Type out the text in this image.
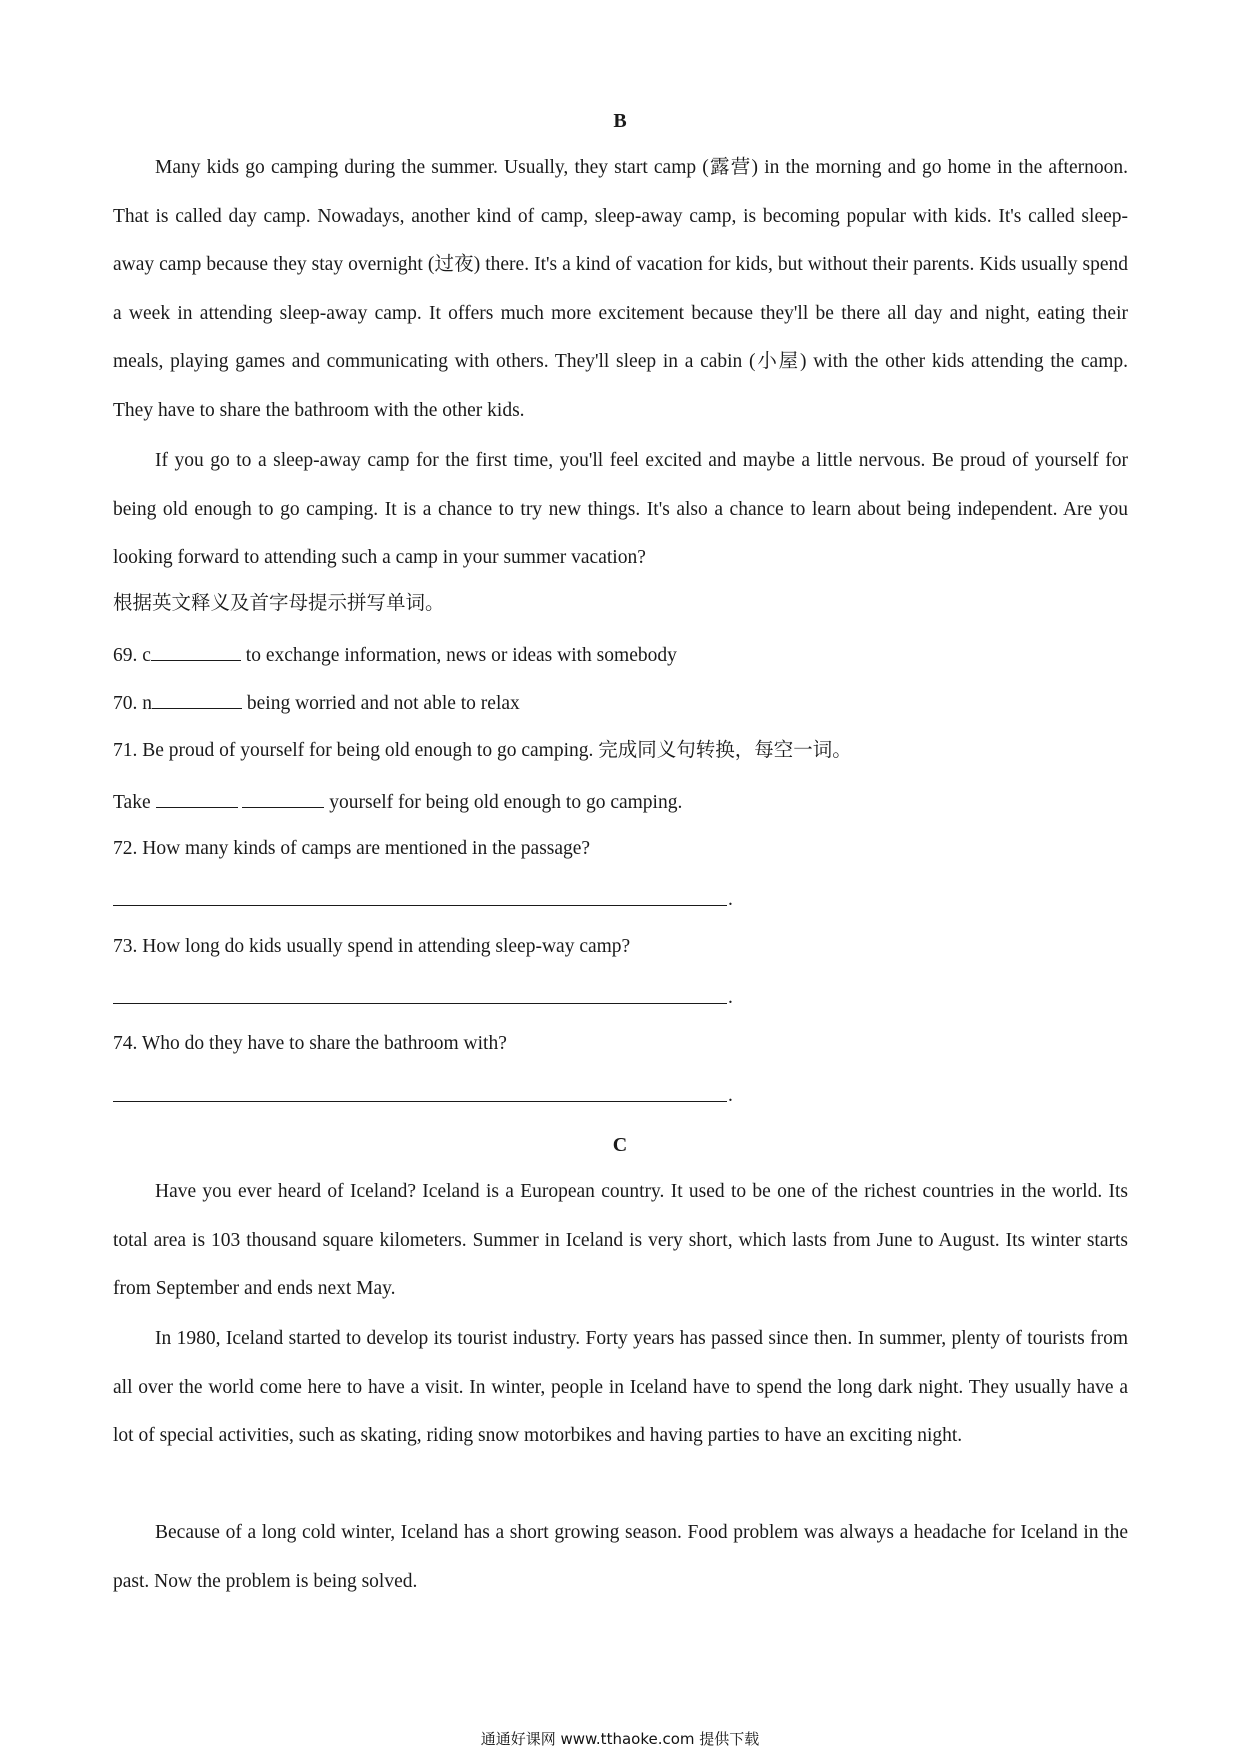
B

Many kids go camping during the summer. Usually, they start camp (露营) in the morning and go home in the afternoon. That is called day camp. Nowadays, another kind of camp, sleep-away camp, is becoming popular with kids. It's called sleep-away camp because they stay overnight (过夜) there. It's a kind of vacation for kids, but without their parents. Kids usually spend a week in attending sleep-away camp. It offers much more excitement because they'll be there all day and night, eating their meals, playing games and communicating with others. They'll sleep in a cabin (小屋) with the other kids attending the camp. They have to share the bathroom with the other kids.

If you go to a sleep-away camp for the first time, you'll feel excited and maybe a little nervous. Be proud of yourself for being old enough to go camping. It is a chance to try new things. It's also a chance to learn about being independent. Are you looking forward to attending such a camp in your summer vacation?

根据英文释义及首字母提示拼写单词。
69. c	to exchange information, news or ideas with somebody
70. n	being worried and not able to relax
71. Be proud of yourself for being old enough to go camping. 完成同义句转换，每空一词。
Take	yourself for being old enough to go camping.
72. How many kinds of camps are mentioned in the passage?
.
73. How long do kids usually spend in attending sleep-way camp?
.
74. Who do they have to share the bathroom with?
.
C

Have you ever heard of Iceland? Iceland is a European country. It used to be one of the richest countries in the world. Its total area is 103 thousand square kilometers. Summer in Iceland is very short, which lasts from June to August. Its winter starts from September and ends next May.

In 1980, Iceland started to develop its tourist industry. Forty years has passed since then. In summer, plenty of tourists from all over the world come here to have a visit. In winter, people in Iceland have to spend the long dark night. They usually have a lot of special activities, such as skating, riding snow motorbikes and having parties to have an exciting night.

Because of a long cold winter, Iceland has a short growing season. Food problem was always a headache for Iceland in the past. Now the problem is being solved.

通通好课网 www.tthaoke.com 提供下载
